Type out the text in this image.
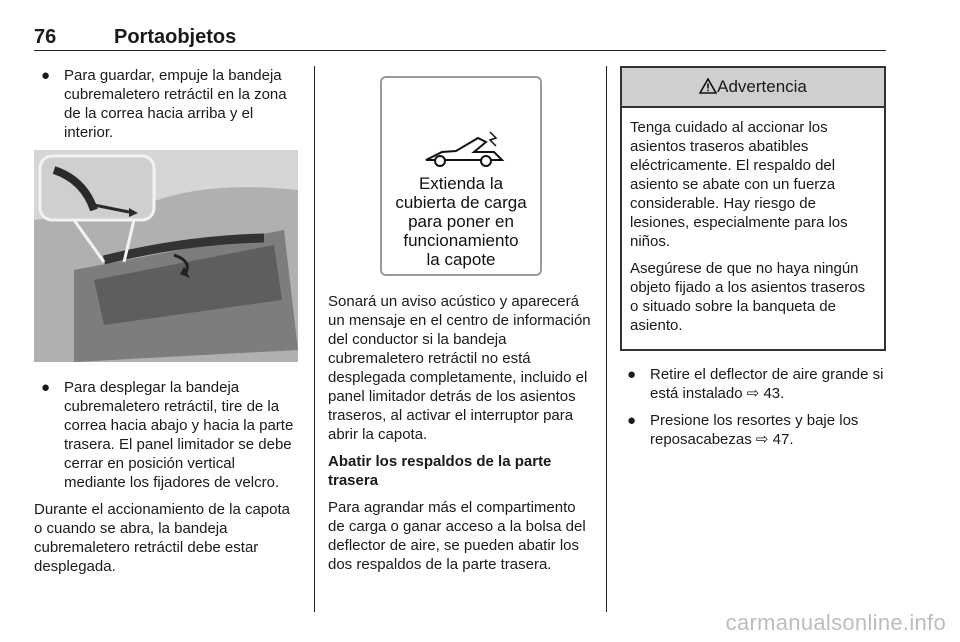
76	Portaobjetos
● Para guardar, empuje la bandeja cubremaletero retráctil en la zona de la correa hacia arriba y el interior.
● Para desplegar la bandeja cubremaletero retráctil, tire de la correa hacia abajo y hacia la parte trasera. El panel limitador se debe cerrar en posición vertical mediante los fijadores de velcro.

Durante el accionamiento de la capota o cuando se abra, la bandeja cubremaletero retráctil debe estar desplegada.

Extienda la
cubierta de carga
para poner en
funcionamiento
la capote

Sonará un aviso acústico y aparecerá un mensaje en el centro de información del conductor si la bandeja cubremaletero retráctil no está desplegada completamente, incluido el panel limitador detrás de los asientos traseros, al activar el interruptor para abrir la capota.

Abatir los respaldos de la parte trasera

Para agrandar más el compartimento de carga o ganar acceso a la bolsa del deflector de aire, se pueden abatir los dos respaldos de la parte trasera.

Advertencia

Tenga cuidado al accionar los asientos traseros abatibles eléctricamente. El respaldo del asiento se abate con un fuerza considerable. Hay riesgo de lesiones, especialmente para los niños.

Asegúrese de que no haya ningún objeto fijado a los asientos traseros o situado sobre la banqueta de asiento.

● Retire el deflector de aire grande si está instalado ⇨ 43.
● Presione los resortes y baje los reposacabezas ⇨ 47.
carmanualsonline.info
